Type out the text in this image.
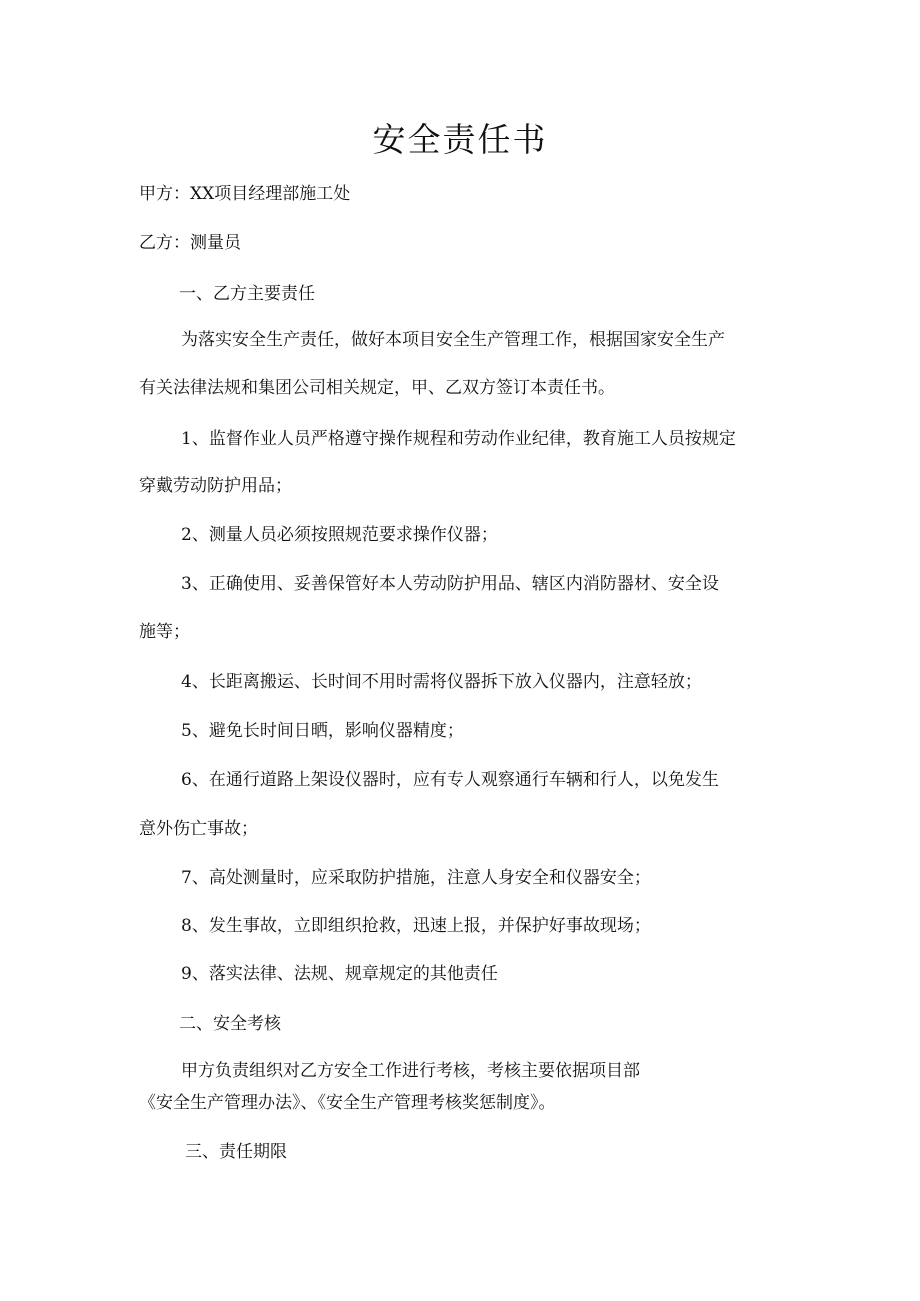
安全责任书
甲方：XX项目经理部施工处
乙方：测量员
一、乙方主要责任
为落实安全生产责任，做好本项目安全生产管理工作，根据国家安全生产
有关法律法规和集团公司相关规定，甲、乙双方签订本责任书。
1、监督作业人员严格遵守操作规程和劳动作业纪律，教育施工人员按规定
穿戴劳动防护用品；
2、测量人员必须按照规范要求操作仪器；
3、正确使用、妥善保管好本人劳动防护用品、辖区内消防器材、安全设
施等；
4、长距离搬运、长时间不用时需将仪器拆下放入仪器内，注意轻放；
5、避免长时间日晒，影响仪器精度；
6、在通行道路上架设仪器时，应有专人观察通行车辆和行人，以免发生
意外伤亡事故；
7、高处测量时，应采取防护措施，注意人身安全和仪器安全；
8、发生事故，立即组织抢救，迅速上报，并保护好事故现场；
9、落实法律、法规、规章规定的其他责任
二、安全考核
甲方负责组织对乙方安全工作进行考核，考核主要依据项目部
《安全生产管理办法》、《安全生产管理考核奖惩制度》。
三、责任期限
